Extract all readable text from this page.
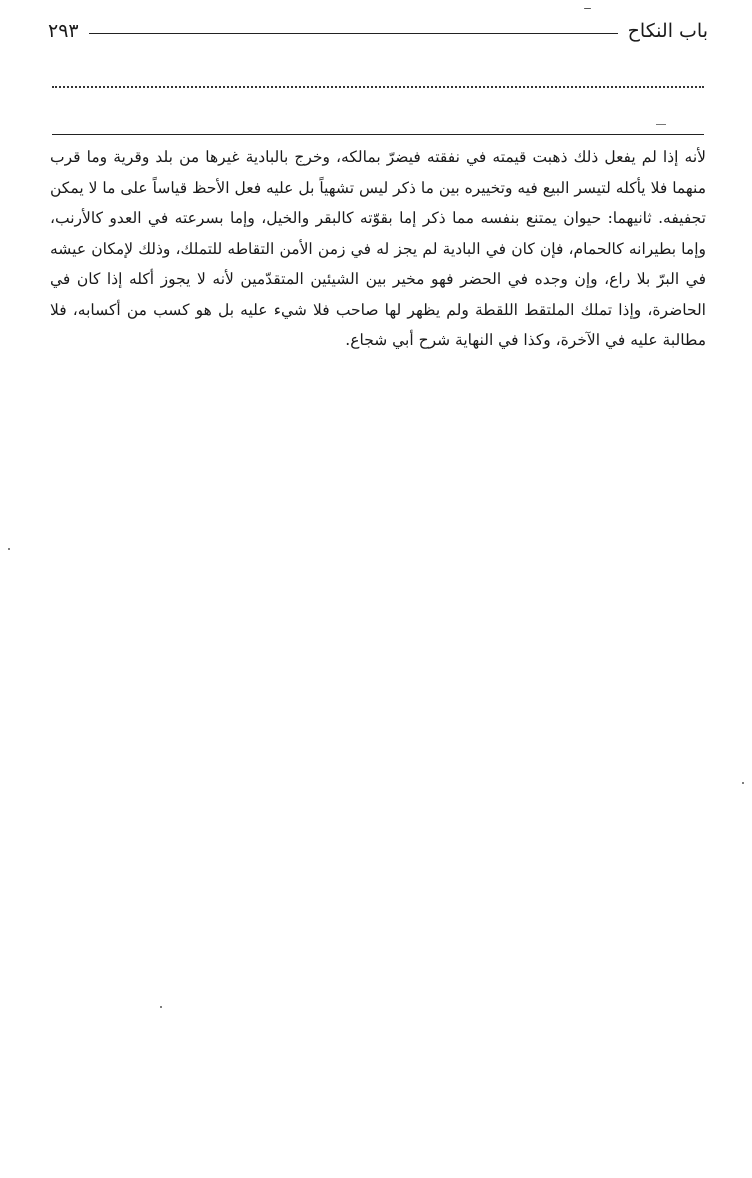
باب النكاح
٢٩٣

لأنه إذا لم يفعل ذلك ذهبت قيمته في نفقته فيضرّ بمالكه، وخرج بالبادية غيرها من بلد وقرية وما قرب منهما فلا يأكله لتيسر البيع فيه وتخييره بين ما ذكر ليس تشهياً بل عليه فعل الأحظ قياساً على ما لا يمكن تجفيفه. ثانيهما: حيوان يمتنع بنفسه مما ذكر إما بقوّته كالبقر والخيل، وإما بسرعته في العدو كالأرنب، وإما بطيرانه كالحمام، فإن كان في البادية لم يجز له في زمن الأمن التقاطه للتملك، وذلك لإمكان عيشه في البرّ بلا راع، وإن وجده في الحضر فهو مخير بين الشيئين المتقدّمين لأنه لا يجوز أكله إذا كان في الحاضرة، وإذا تملك الملتقط اللقطة ولم يظهر لها صاحب فلا شيء عليه بل هو كسب من أكسابه، فلا مطالبة عليه في الآخرة، وكذا في النهاية شرح أبي شجاع.
